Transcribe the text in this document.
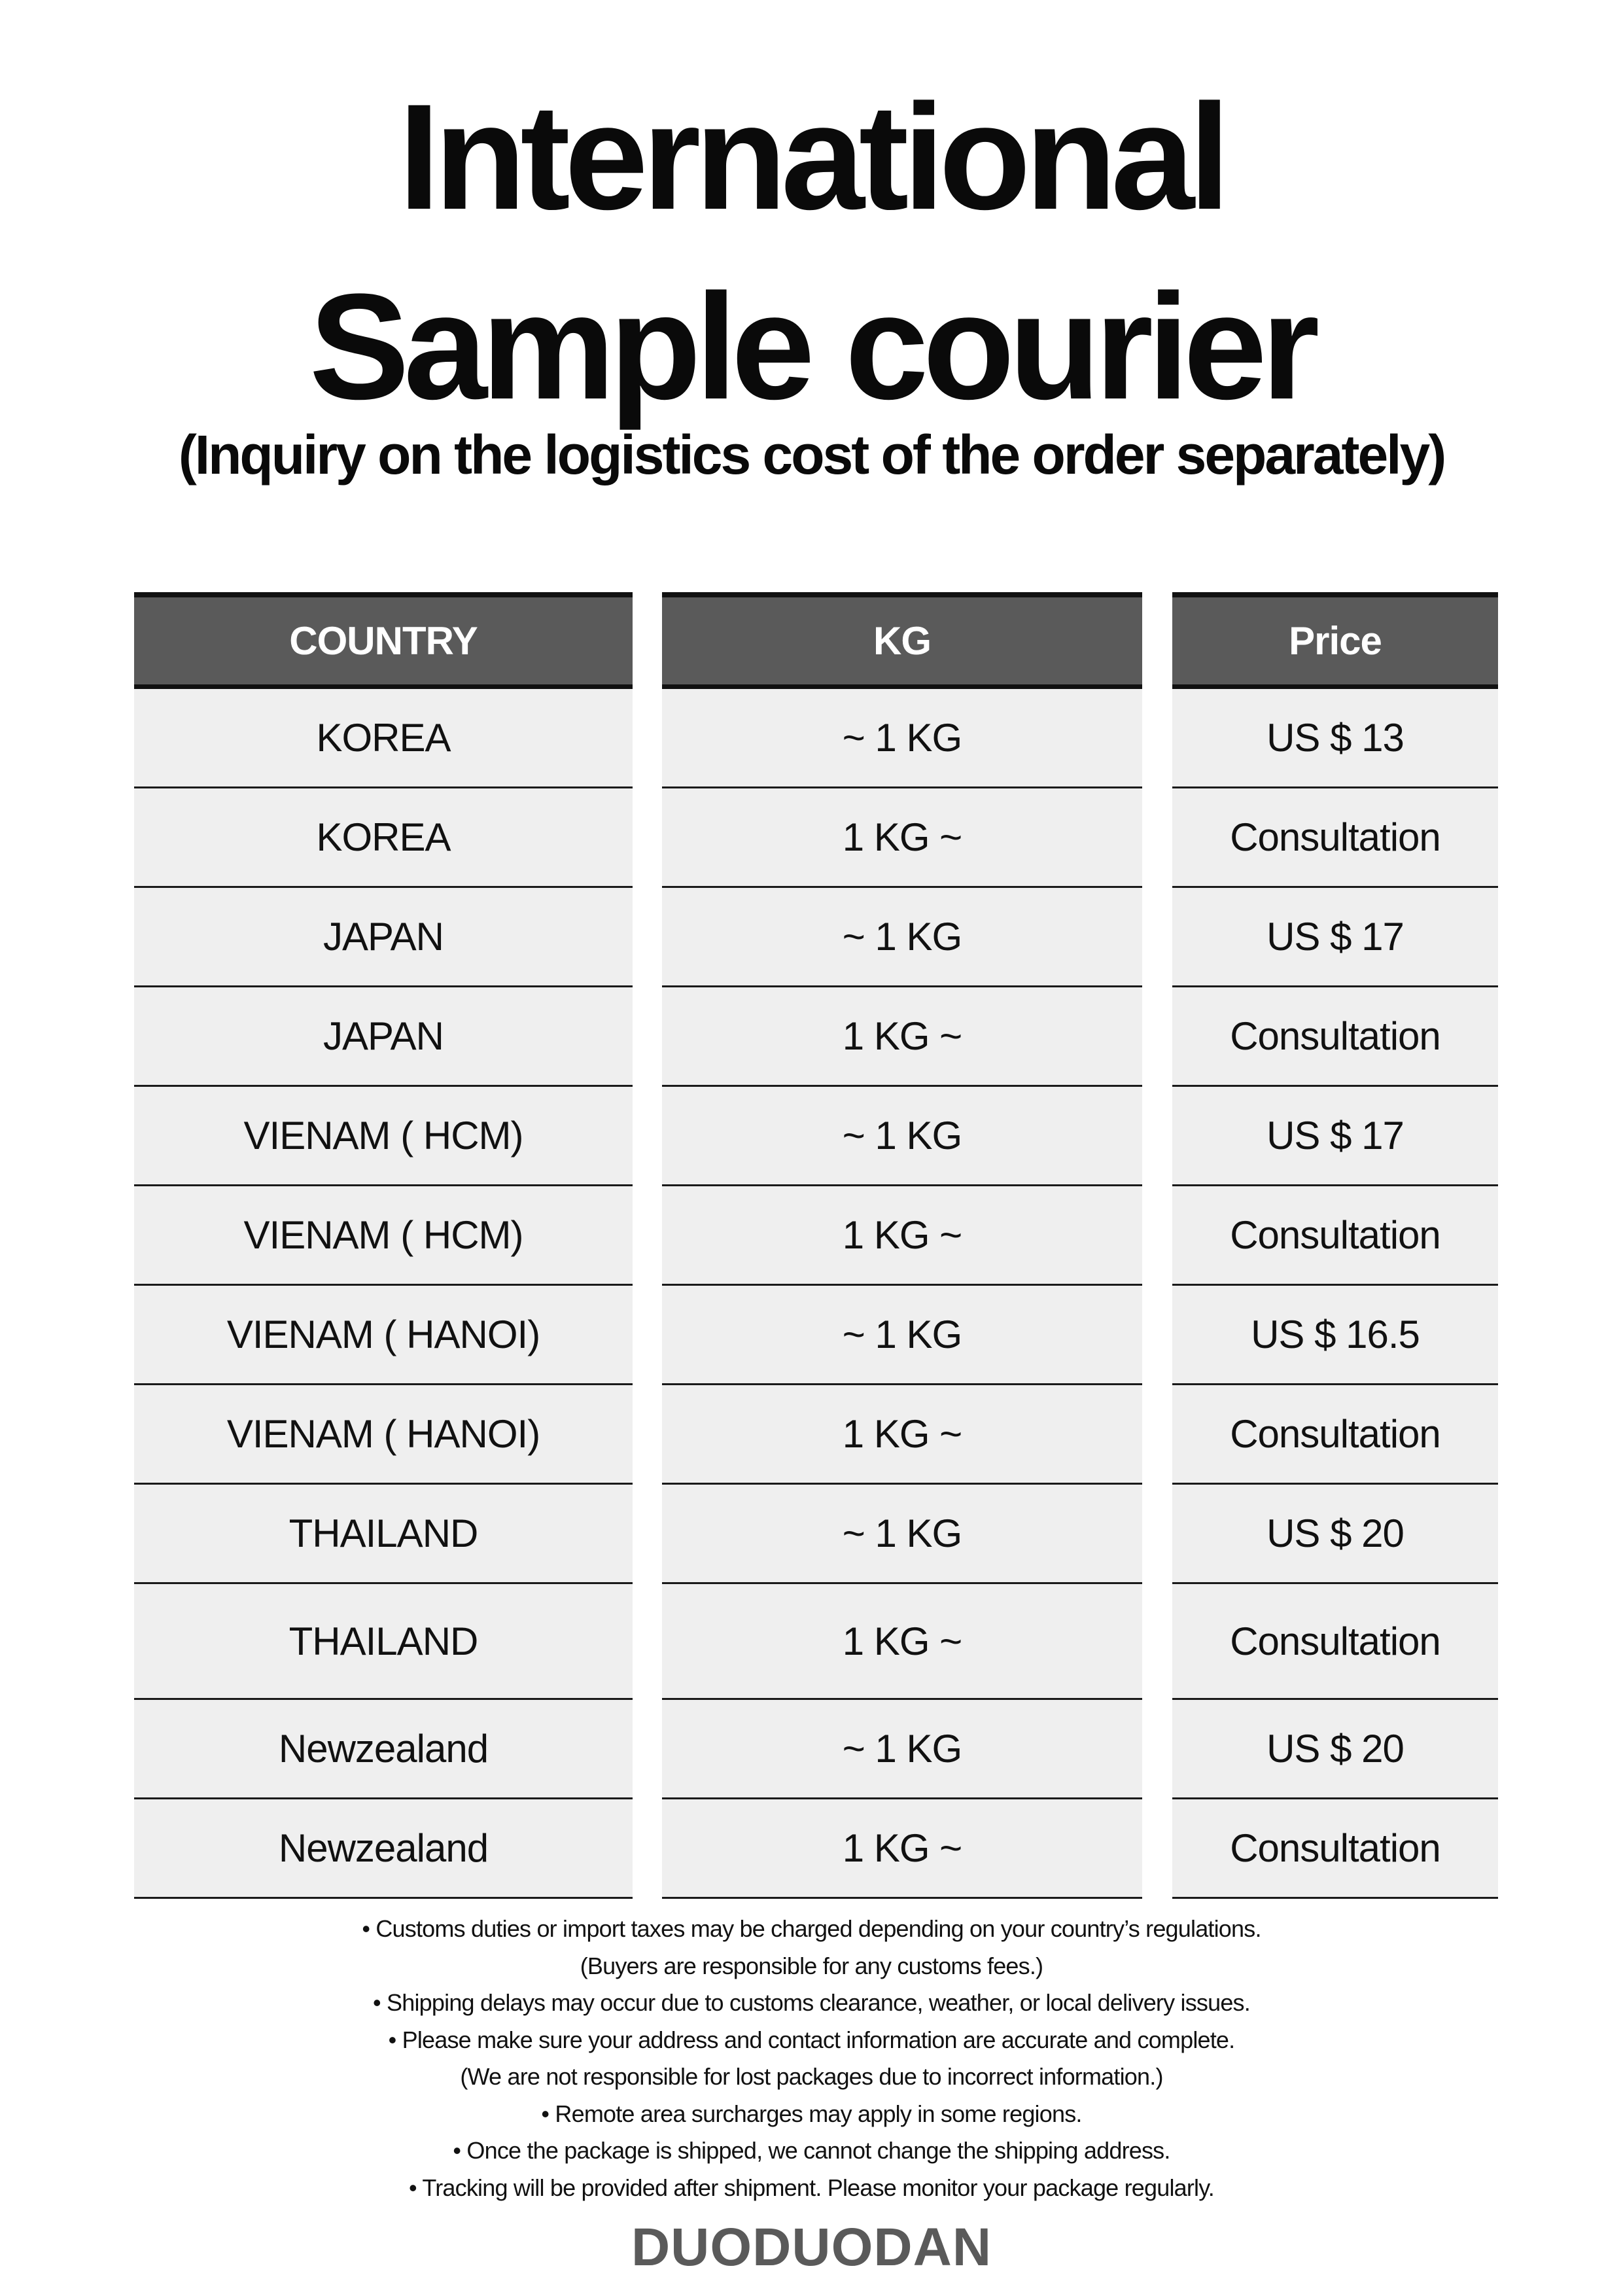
International
Sample courier

(Inquiry on the logistics cost of the order separately)

COUNTRY
KOREA
KOREA
JAPAN
JAPAN
VIENAM ( HCM)
VIENAM ( HCM)
VIENAM ( HANOI)
VIENAM ( HANOI)
THAILAND
THAILAND
Newzealand
Newzealand
KG
~ 1 KG
1 KG ~
~ 1 KG
1 KG ~
~ 1 KG
1 KG ~
~ 1 KG
1 KG ~
~ 1 KG
1 KG ~
~ 1 KG
1 KG ~
Price
US $ 13
Consultation
US $ 17
Consultation
US $ 17
Consultation
US $ 16.5
Consultation
US $ 20
Consultation
US $ 20
Consultation
• Customs duties or import taxes may be charged depending on your country’s regulations.
(Buyers are responsible for any customs fees.)
• Shipping delays may occur due to customs clearance, weather, or local delivery issues.
• Please make sure your address and contact information are accurate and complete.
(We are not responsible for lost packages due to incorrect information.)
• Remote area surcharges may apply in some regions.
• Once the package is shipped, we cannot change the shipping address.
• Tracking will be provided after shipment. Please monitor your package regularly.
DUODUODAN
